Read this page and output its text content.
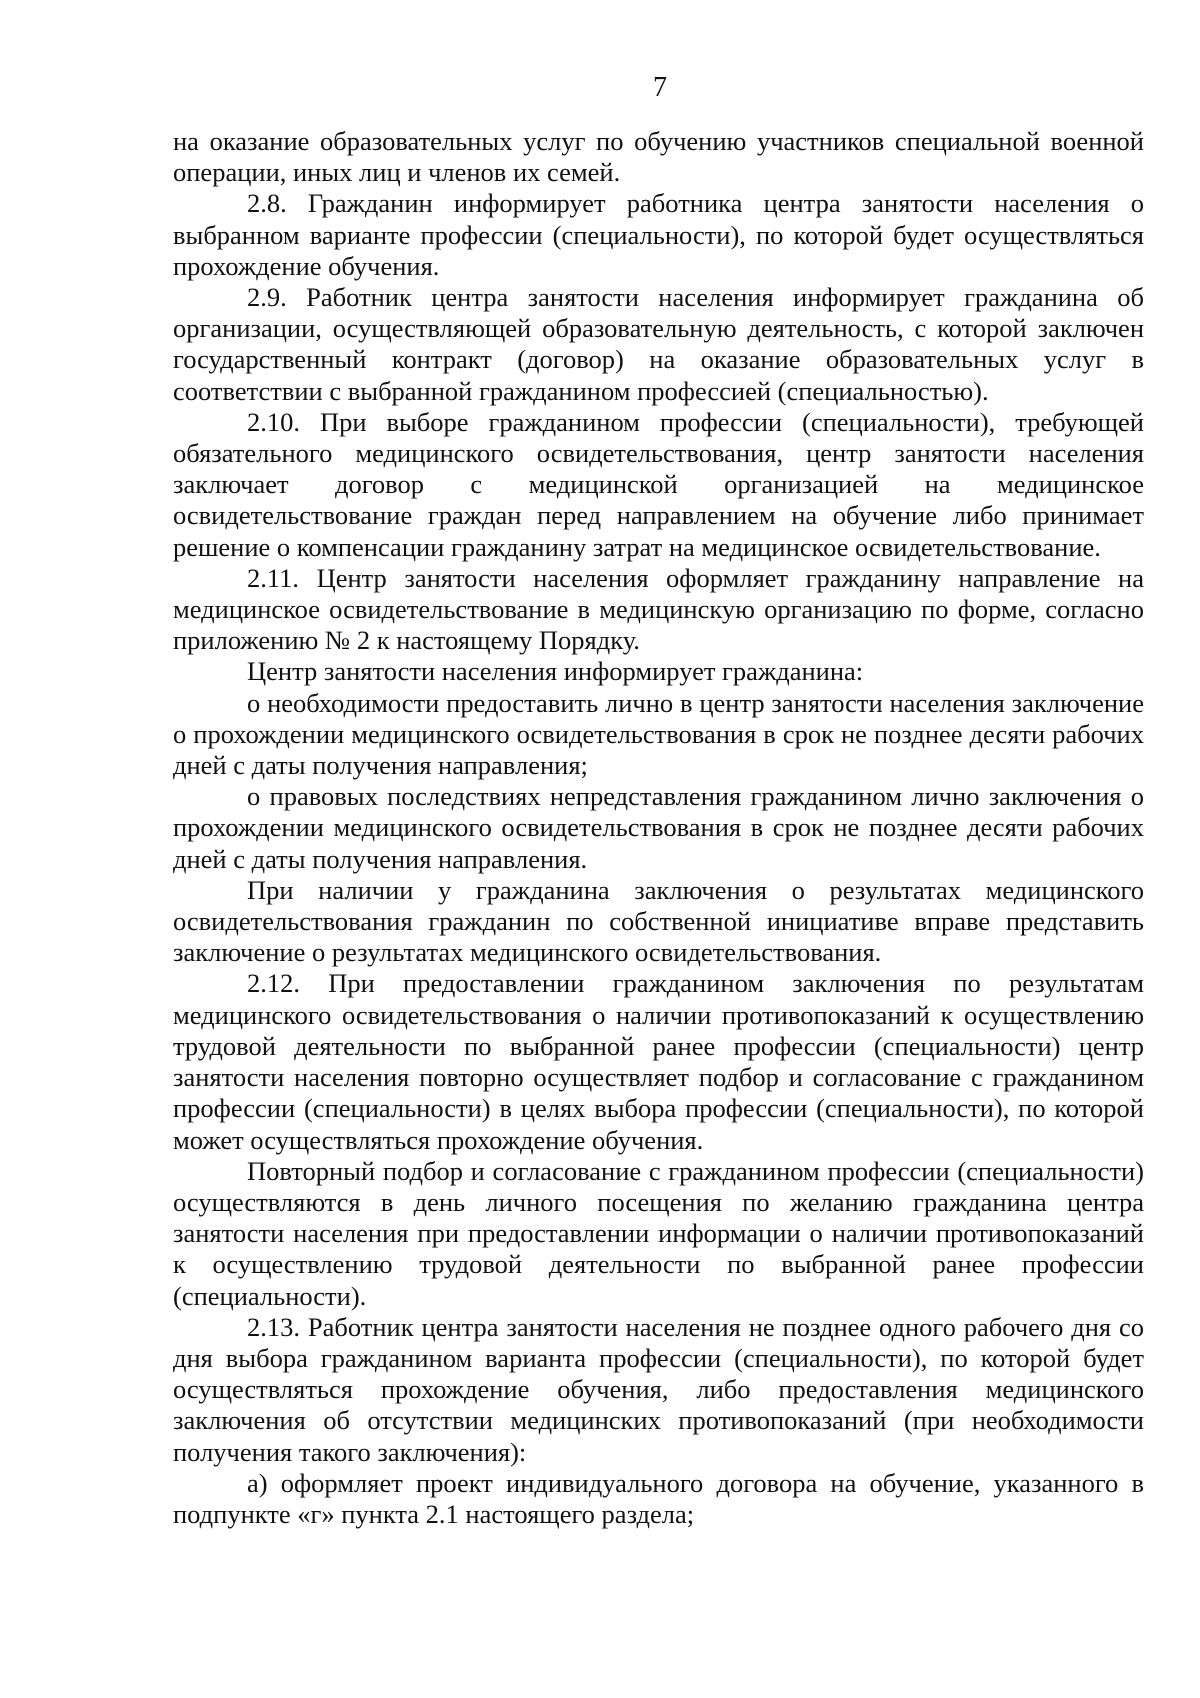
7

на оказание образовательных услуг по обучению участников специальной военной операции, иных лиц и членов их семей.

2.8. Гражданин информирует работника центра занятости населения о выбранном варианте профессии (специальности), по которой будет осуществляться прохождение обучения.

2.9. Работник центра занятости населения информирует гражданина об организации, осуществляющей образовательную деятельность, с которой заключен государственный контракт (договор) на оказание образовательных услуг в соответствии с выбранной гражданином профессией (специальностью).

2.10. При выборе гражданином профессии (специальности), требующей обязательного медицинского освидетельствования, центр занятости населения заключает договор с медицинской организацией на медицинское освидетельствование граждан перед направлением на обучение либо принимает решение о компенсации гражданину затрат на медицинское освидетельствование.

2.11. Центр занятости населения оформляет гражданину направление на медицинское освидетельствование в медицинскую организацию по форме, согласно приложению № 2 к настоящему Порядку.

Центр занятости населения информирует гражданина:

о необходимости предоставить лично в центр занятости населения заключение о прохождении медицинского освидетельствования в срок не позднее десяти рабочих дней с даты получения направления;

о правовых последствиях непредставления гражданином лично заключения о прохождении медицинского освидетельствования в срок не позднее десяти рабочих дней с даты получения направления.

При наличии у гражданина заключения о результатах медицинского освидетельствования гражданин по собственной инициативе вправе представить заключение о результатах медицинского освидетельствования.

2.12. При предоставлении гражданином заключения по результатам медицинского освидетельствования о наличии противопоказаний к осуществлению трудовой деятельности по выбранной ранее профессии (специальности) центр занятости населения повторно осуществляет подбор и согласование с гражданином профессии (специальности) в целях выбора профессии (специальности), по которой может осуществляться прохождение обучения.

Повторный подбор и согласование с гражданином профессии (специальности) осуществляются в день личного посещения по желанию гражданина центра занятости населения при предоставлении информации о наличии противопоказаний к осуществлению трудовой деятельности по выбранной ранее профессии (специальности).

2.13. Работник центра занятости населения не позднее одного рабочего дня со дня выбора гражданином варианта профессии (специальности), по которой будет осуществляться прохождение обучения, либо предоставления медицинского заключения об отсутствии медицинских противопоказаний (при необходимости получения такого заключения):

а) оформляет проект индивидуального договора на обучение, указанного в подпункте «г» пункта 2.1 настоящего раздела;
